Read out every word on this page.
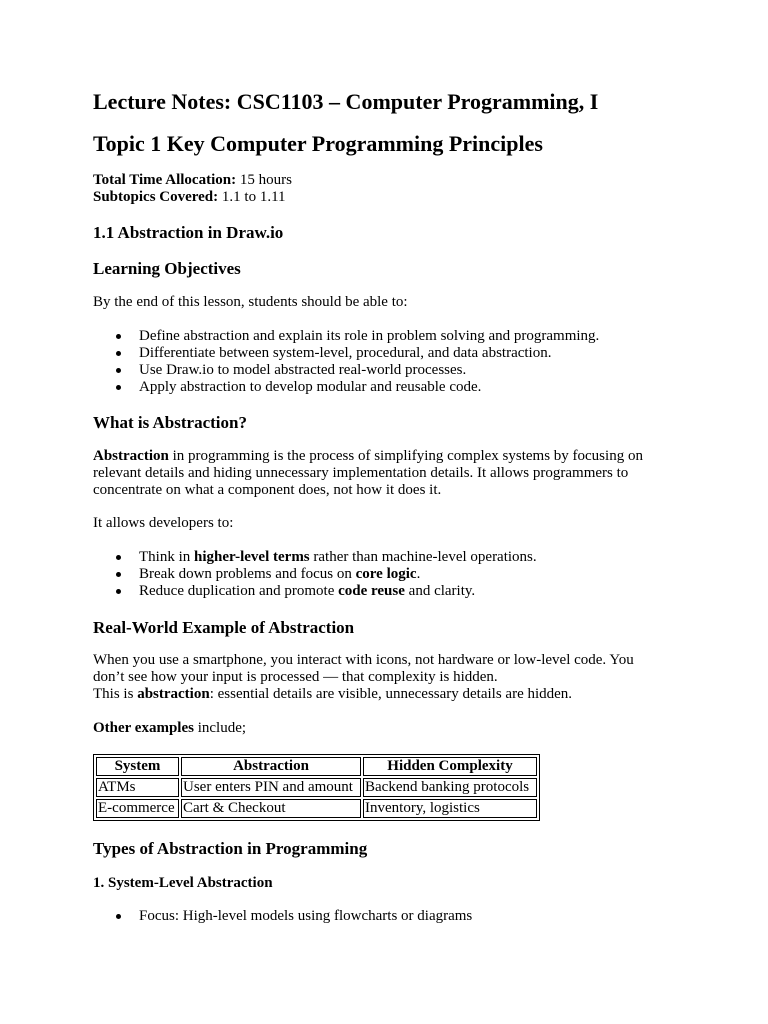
Lecture Notes: CSC1103 – Computer Programming, I
Topic 1 Key Computer Programming Principles
Total Time Allocation: 15 hours
Subtopics Covered: 1.1 to 1.11
1.1 Abstraction in Draw.io
Learning Objectives
By the end of this lesson, students should be able to:
Define abstraction and explain its role in problem solving and programming.
Differentiate between system-level, procedural, and data abstraction.
Use Draw.io to model abstracted real-world processes.
Apply abstraction to develop modular and reusable code.
What is Abstraction?
Abstraction in programming is the process of simplifying complex systems by focusing on
relevant details and hiding unnecessary implementation details. It allows programmers to
concentrate on what a component does, not how it does it.
It allows developers to:
Think in higher-level terms rather than machine-level operations.
Break down problems and focus on core logic.
Reduce duplication and promote code reuse and clarity.
Real-World Example of Abstraction
When you use a smartphone, you interact with icons, not hardware or low-level code. You
don’t see how your input is processed — that complexity is hidden.
This is abstraction: essential details are visible, unnecessary details are hidden.
Other examples include;
System	Abstraction	Hidden Complexity
ATMs	User enters PIN and amount	Backend banking protocols
E-commerce	Cart & Checkout	Inventory, logistics
Types of Abstraction in Programming
1. System-Level Abstraction
Focus: High-level models using flowcharts or diagrams
